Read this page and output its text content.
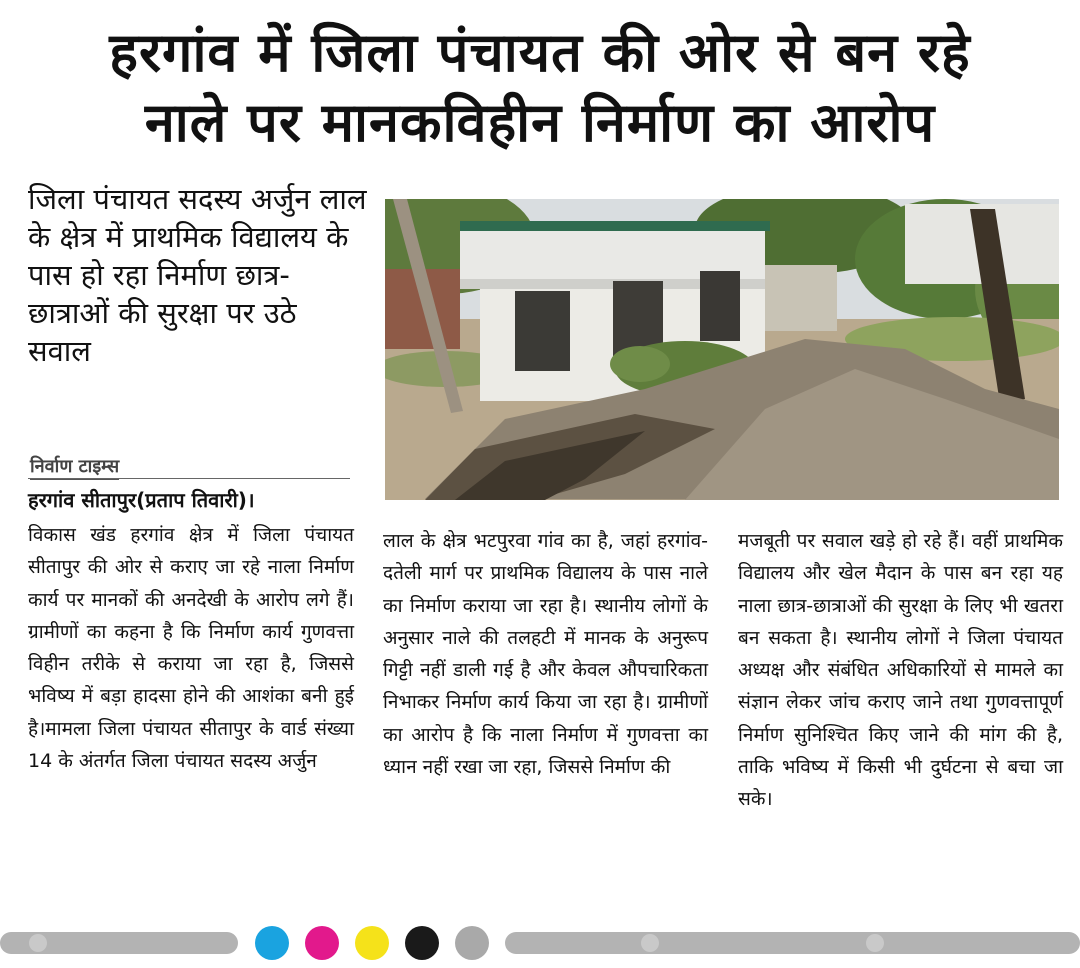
हरगांव में जिला पंचायत की ओर से बन रहे
नाले पर मानकविहीन निर्माण का आरोप
जिला पंचायत सदस्य अर्जुन लाल के क्षेत्र में प्राथमिक विद्यालय के पास हो रहा निर्माण छात्र-छात्राओं की सुरक्षा पर उठे सवाल
निर्वाण टाइम्स
हरगांव सीतापुर(प्रताप तिवारी)।
विकास खंड हरगांव क्षेत्र में जिला पंचायत सीतापुर की ओर से कराए जा रहे नाला निर्माण कार्य पर मानकों की अनदेखी के आरोप लगे हैं। ग्रामीणों का कहना है कि निर्माण कार्य गुणवत्ता विहीन तरीके से कराया जा रहा है, जिससे भविष्य में बड़ा हादसा होने की आशंका बनी हुई है।मामला जिला पंचायत सीतापुर के वार्ड संख्या 14 के अंतर्गत जिला पंचायत सदस्य अर्जुन
लाल के क्षेत्र भटपुरवा गांव का है, जहां हरगांव-दतेली मार्ग पर प्राथमिक विद्यालय के पास नाले का निर्माण कराया जा रहा है। स्थानीय लोगों के अनुसार नाले की तलहटी में मानक के अनुरूप गिट्टी नहीं डाली गई है और केवल औपचारिकता निभाकर निर्माण कार्य किया जा रहा है। ग्रामीणों का आरोप है कि नाला निर्माण में गुणवत्ता का ध्यान नहीं रखा जा रहा, जिससे निर्माण की
मजबूती पर सवाल खड़े हो रहे हैं। वहीं प्राथमिक विद्यालय और खेल मैदान के पास बन रहा यह नाला छात्र-छात्राओं की सुरक्षा के लिए भी खतरा बन सकता है। स्थानीय लोगों ने जिला पंचायत अध्यक्ष और संबंधित अधिकारियों से मामले का संज्ञान लेकर जांच कराए जाने तथा गुणवत्तापूर्ण निर्माण सुनिश्चित किए जाने की मांग की है, ताकि भविष्य में किसी भी दुर्घटना से बचा जा सके।
